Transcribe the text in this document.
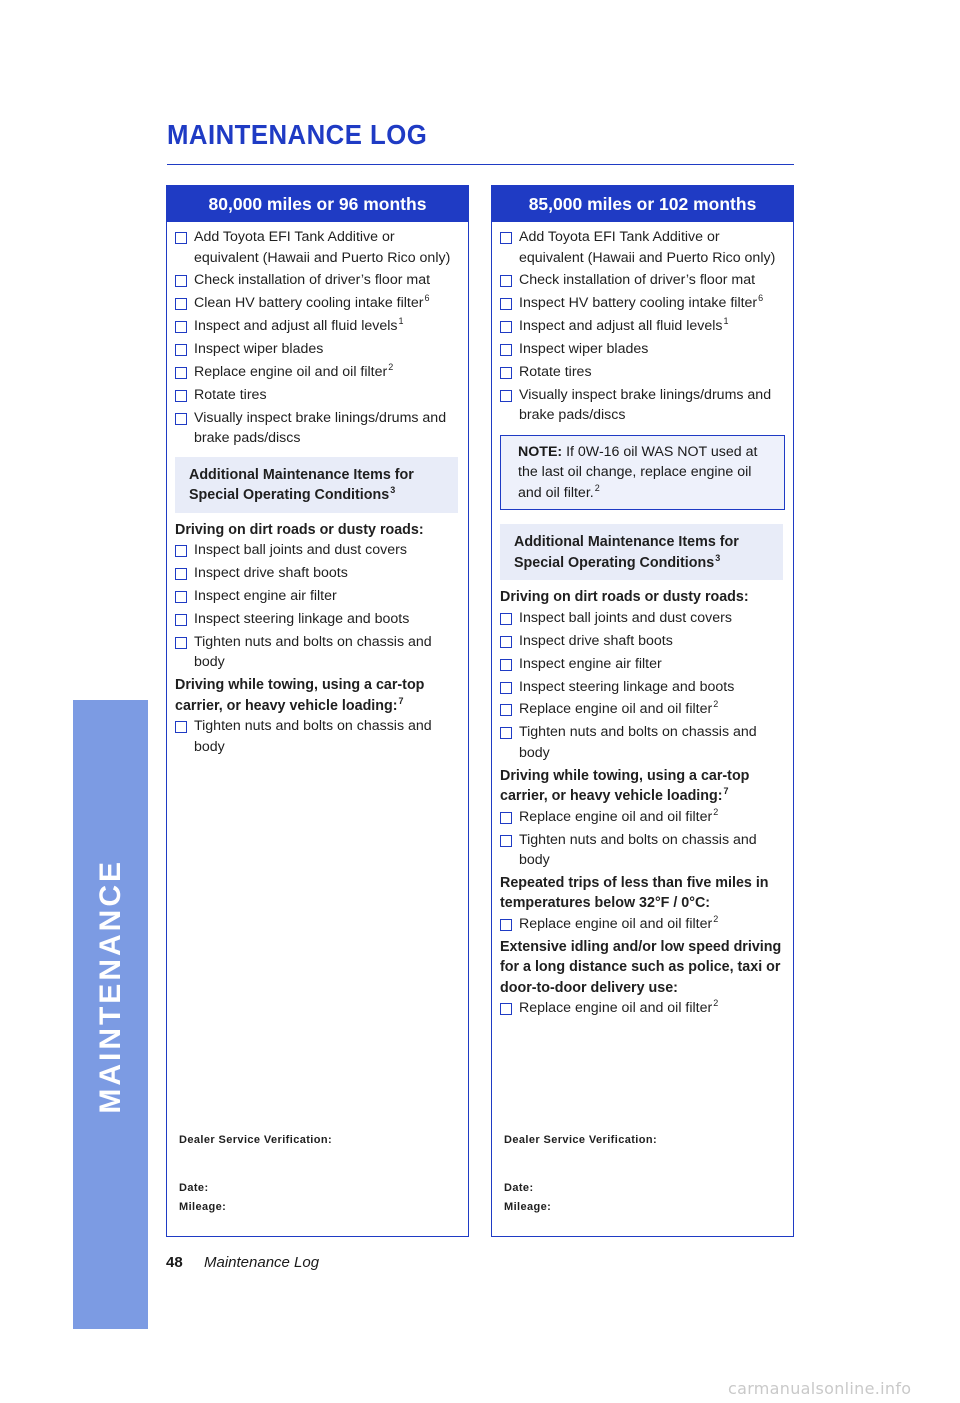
MAINTENANCE
MAINTENANCE LOG
80,000 miles or 96 months
Add Toyota EFI Tank Additive or equivalent (Hawaii and Puerto Rico only)
Check installation of driver’s floor mat
Clean HV battery cooling intake filter$^6$
Inspect and adjust all fluid levels$^1$
Inspect wiper blades
Replace engine oil and oil filter$^2$
Rotate tires
Visually inspect brake linings/drums and brake pads/discs
Additional Maintenance Items for Special Operating Conditions$^3$
Driving on dirt roads or dusty roads:
Inspect ball joints and dust covers
Inspect drive shaft boots
Inspect engine air filter
Inspect steering linkage and boots
Tighten nuts and bolts on chassis and body
Driving while towing, using a car-top carrier, or heavy vehicle loading:$^7$
Tighten nuts and bolts on chassis and body
Dealer Service Verification:
Date:
Mileage:
85,000 miles or 102 months
Add Toyota EFI Tank Additive or equivalent (Hawaii and Puerto Rico only)
Check installation of driver’s floor mat
Inspect HV battery cooling intake filter$^6$
Inspect and adjust all fluid levels$^1$
Inspect wiper blades
Rotate tires
Visually inspect brake linings/drums and brake pads/discs
NOTE: If 0W-16 oil WAS NOT used at the last oil change, replace engine oil and oil filter.$^2$
Additional Maintenance Items for Special Operating Conditions$^3$
Driving on dirt roads or dusty roads:
Inspect ball joints and dust covers
Inspect drive shaft boots
Inspect engine air filter
Inspect steering linkage and boots
Replace engine oil and oil filter$^2$
Tighten nuts and bolts on chassis and body
Driving while towing, using a car-top carrier, or heavy vehicle loading:$^7$
Replace engine oil and oil filter$^2$
Tighten nuts and bolts on chassis and body
Repeated trips of less than five miles in temperatures below 32°F / 0°C:
Replace engine oil and oil filter$^2$
Extensive idling and/or low speed driving for a long distance such as police, taxi or door-to-door delivery use:
Replace engine oil and oil filter$^2$
Dealer Service Verification:
Date:
Mileage:
48 Maintenance Log
carmanualsonline.info
